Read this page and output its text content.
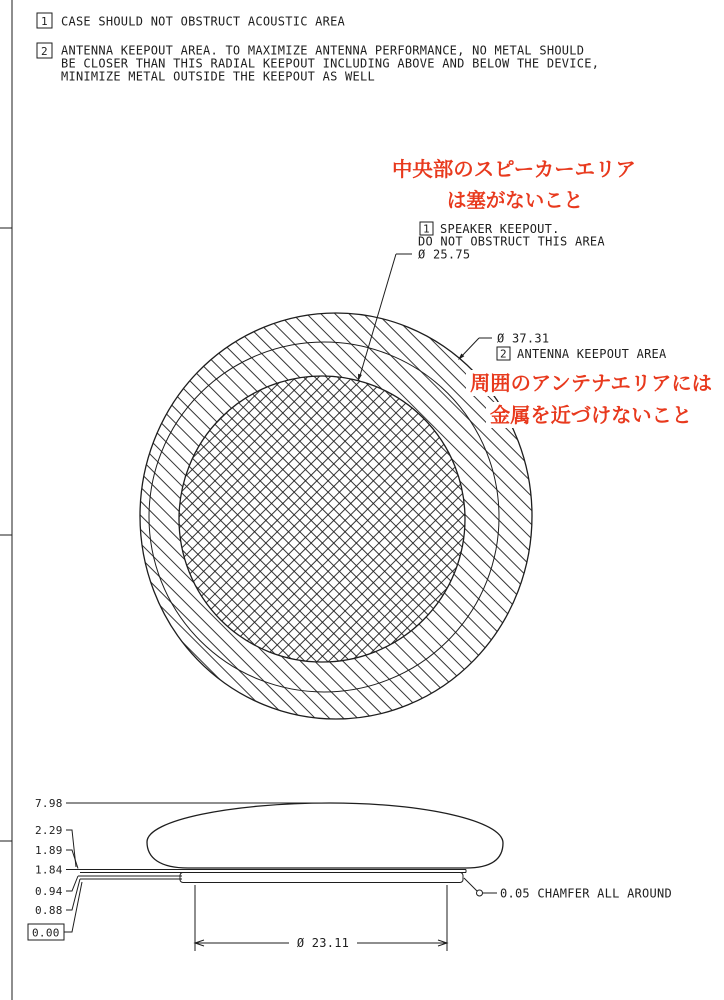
1 CASE SHOULD NOT OBSTRUCT ACOUSTIC AREA
2 ANTENNA KEEPOUT AREA. TO MAXIMIZE ANTENNA PERFORMANCE, NO METAL SHOULD
BE CLOSER THAN THIS RADIAL KEEPOUT INCLUDING ABOVE AND BELOW THE DEVICE,
MINIMIZE METAL OUTSIDE THE KEEPOUT AS WELL
中央部のスピーカーエリア
は塞がないこと
1 SPEAKER KEEPOUT.
DO NOT OBSTRUCT THIS AREA
Ø 25.75
Ø 37.31
2 ANTENNA KEEPOUT AREA
周囲のアンテナエリアには
金属を近づけないこと
7.98
2.29
1.89
1.84
0.94
0.88
0.00
0.05 CHAMFER ALL AROUND
Ø 23.11
